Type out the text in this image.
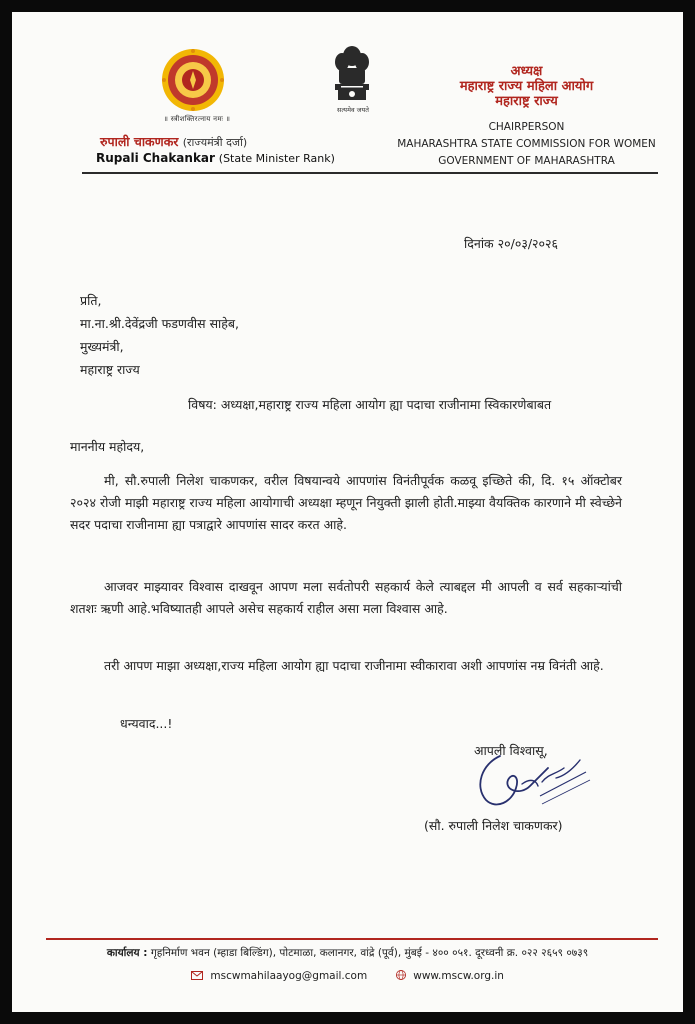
॥ स्त्रीशक्तिरत्नाय नमः ॥
रुपाली चाकणकर (राज्यमंत्री दर्जा)
Rupali Chakankar (State Minister Rank)
सत्यमेव जयते
अध्यक्ष
महाराष्ट्र राज्य महिला आयोग
महाराष्ट्र राज्य
CHAIRPERSON
MAHARASHTRA STATE COMMISSION FOR WOMEN
GOVERNMENT OF MAHARASHTRA
दिनांक २०/०३/२०२६
प्रति,
मा.ना.श्री.देवेंद्रजी फडणवीस साहेब,
मुख्यमंत्री,
महाराष्ट्र राज्य
विषय: अध्यक्षा,महाराष्ट्र राज्य महिला आयोग ह्या पदाचा राजीनामा स्विकारणेबाबत
माननीय महोदय,
मी, सौ.रुपाली निलेश चाकणकर, वरील विषयान्वये आपणांस विनंतीपूर्वक कळवू इच्छिते की, दि. १५ ऑक्टोबर २०२४ रोजी माझी महाराष्ट्र राज्य महिला आयोगाची अध्यक्षा म्हणून नियुक्ती झाली होती.माझ्या वैयक्तिक कारणाने मी स्वेच्छेने सदर पदाचा राजीनामा ह्या पत्राद्वारे आपणांस सादर करत आहे.
आजवर माझ्यावर विश्वास दाखवून आपण मला सर्वतोपरी सहकार्य केले त्याबद्दल मी आपली व सर्व सहकाऱ्यांची शतशः ऋणी आहे.भविष्यातही आपले असेच सहकार्य राहील असा मला विश्वास आहे.
तरी आपण माझा अध्यक्षा,राज्य महिला आयोग ह्या पदाचा राजीनामा स्वीकारावा अशी आपणांस नम्र विनंती आहे.
धन्यवाद...!
आपली विश्वासू,
(सौ. रुपाली निलेश चाकणकर)
कार्यालय : गृहनिर्माण भवन (म्हाडा बिल्डिंग), पोटमाळा, कलानगर, वांद्रे (पूर्व), मुंबई - ४०० ०५१. दूरध्वनी क्र. ०२२ २६५९ ०७३९
mscwmahilaayog@gmail.com	www.mscw.org.in
